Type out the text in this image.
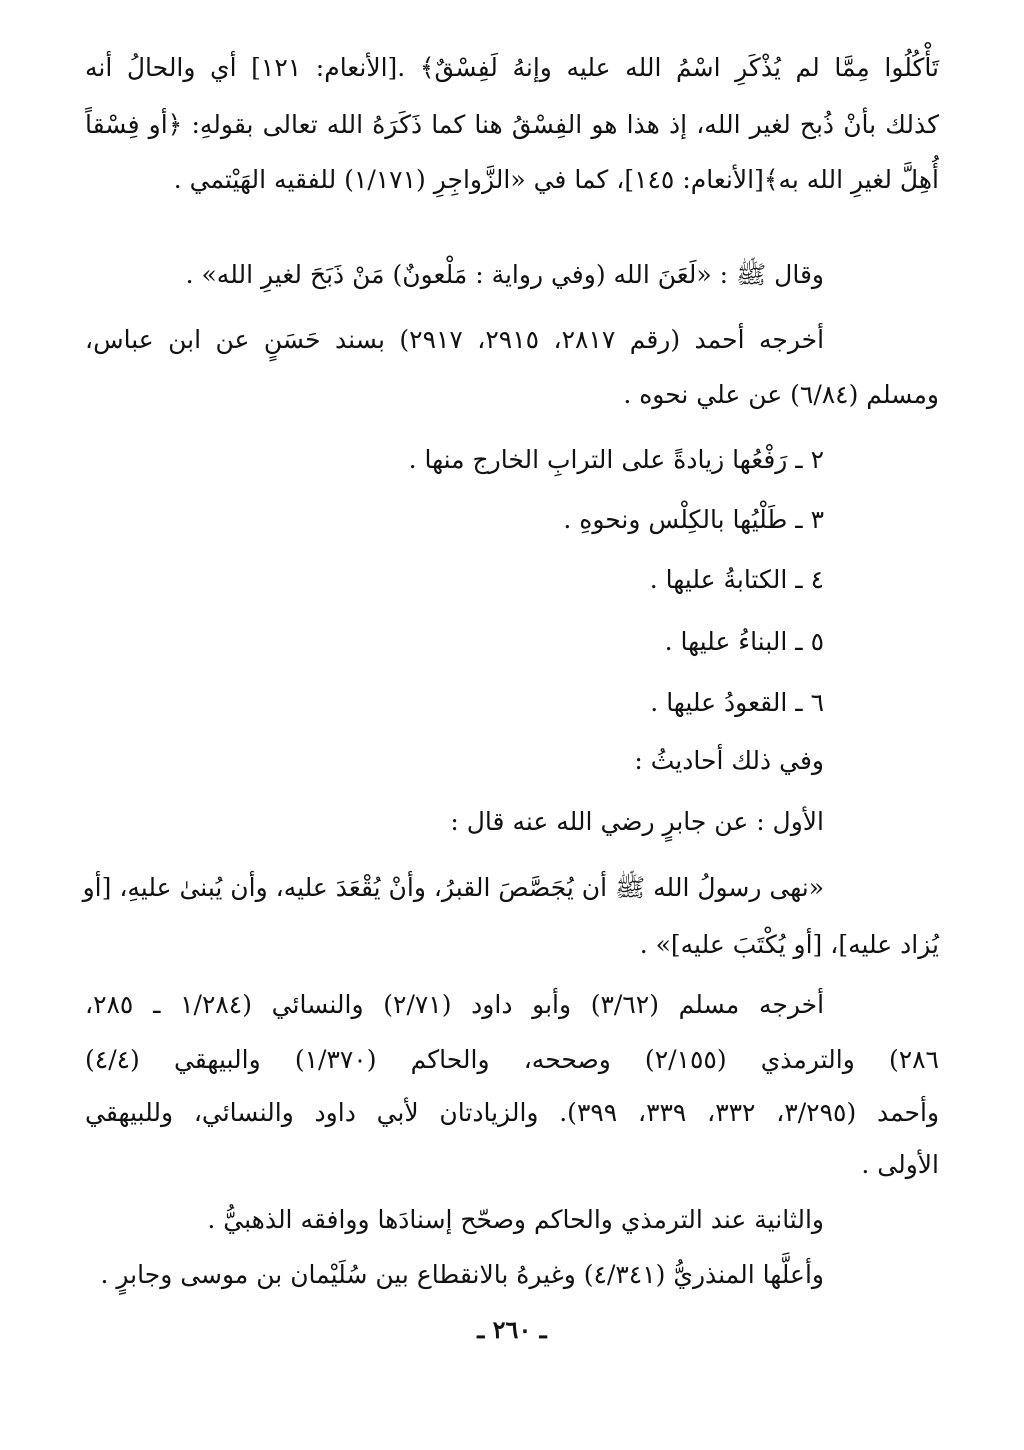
تَأْكُلُوا مِمَّا لم يُذْكَرِ اسْمُ الله عليه وإنهُ لَفِسْقٌ﴾ .[الأنعام: ١٢١] أي والحالُ أنه
كذلك بأنْ ذُبح لغير الله، إذ هذا هو الفِسْقُ هنا كما ذَكَرَهُ الله تعالى بقولهِ: ﴿أو فِسْقاً
أُهِلَّ لغيرِ الله به﴾[الأنعام: ١٤٥]، كما في «الزَّواجِرِ (١/١٧١) للفقيه الهَيْتمي .
وقال ﷺ : «لَعَنَ الله (وفي رواية : مَلْعونٌ) مَنْ ذَبَحَ لغيرِ الله» .
أخرجه أحمد (رقم ٢٨١٧، ٢٩١٥، ٢٩١٧) بسند حَسَنٍ عن ابن عباس،
ومسلم (٦/٨٤) عن علي نحوه .
٢ ـ رَفْعُها زيادةً على الترابِ الخارج منها .
٣ ـ طَلْيُها بالكِلْس ونحوهِ .
٤ ـ الكتابةُ عليها .
٥ ـ البناءُ عليها .
٦ ـ القعودُ عليها .
وفي ذلك أحاديثُ :
الأول : عن جابرٍ رضي الله عنه قال :
«نهى رسولُ الله ﷺ أن يُجَصَّصَ القبرُ، وأنْ يُقْعَدَ عليه، وأن يُبنىٰ عليهِ، [أو
يُزاد عليه]، [أو يُكْتَبَ عليه]» .
أخرجه مسلم (٣/٦٢) وأبو داود (٢/٧١) والنسائي (١/٢٨٤ ـ ٢٨٥،
٢٨٦) والترمذي (٢/١٥٥) وصححه، والحاكم (١/٣٧٠) والبيهقي (٤/٤)
وأحمد (٣/٢٩٥، ٣٣٢، ٣٣٩، ٣٩٩). والزيادتان لأبي داود والنسائي، وللبيهقي
الأولى .
والثانية عند الترمذي والحاكم وصحّح إسنادَها ووافقه الذهبيُّ .
وأعلَّها المنذريُّ (٤/٣٤١) وغيرهُ بالانقطاع بين سُلَيْمان بن موسى وجابرٍ .
ـ ٢٦٠ ـ
